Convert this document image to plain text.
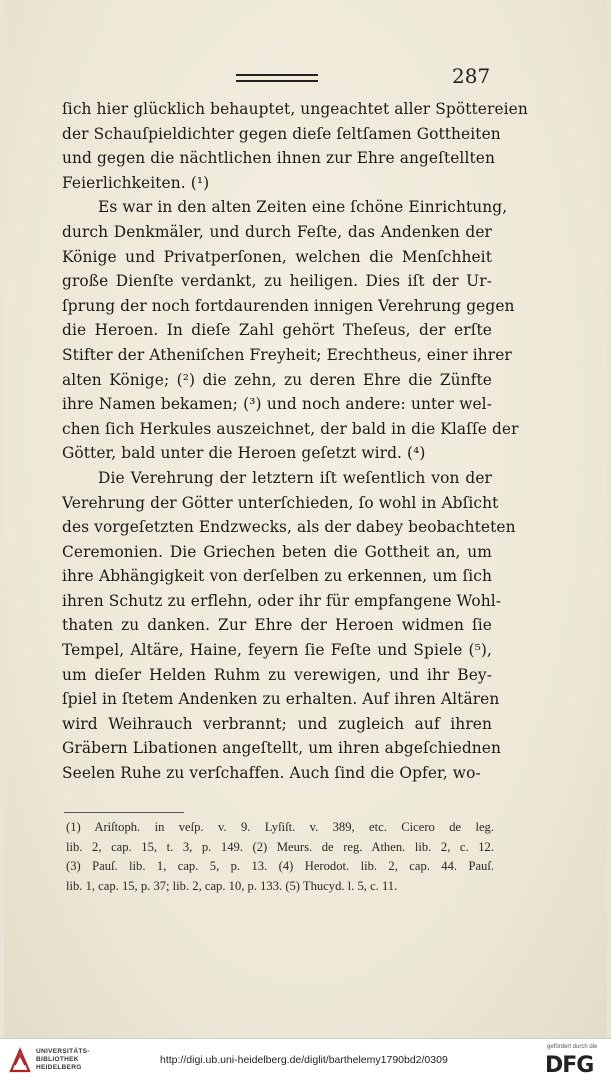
287
ſich hier glücklich behauptet, ungeachtet aller Spöttereien
der Schauſpieldichter gegen dieſe ſeltſamen Gottheiten
und gegen die nächtlichen ihnen zur Ehre angeſtellten
Feierlichkeiten. (¹)
Es war in den alten Zeiten eine ſchöne Einrichtung,
durch Denkmäler, und durch Feſte, das Andenken der
Könige und Privatperſonen, welchen die Menſchheit
große Dienſte verdankt, zu heiligen. Dies iſt der Ur-
ſprung der noch fortdaurenden innigen Verehrung gegen
die Heroen. In dieſe Zahl gehört Theſeus, der erſte
Stifter der Atheniſchen Freyheit; Erechtheus, einer ihrer
alten Könige; (²) die zehn, zu deren Ehre die Zünfte
ihre Namen bekamen; (³) und noch andere: unter wel-
chen ſich Herkules auszeichnet, der bald in die Klaſſe der
Götter, bald unter die Heroen geſetzt wird. (⁴)
Die Verehrung der letztern iſt weſentlich von der
Verehrung der Götter unterſchieden, ſo wohl in Abſicht
des vorgeſetzten Endzwecks, als der dabey beobachteten
Ceremonien. Die Griechen beten die Gottheit an, um
ihre Abhängigkeit von derſelben zu erkennen, um ſich
ihren Schutz zu erflehn, oder ihr für empfangene Wohl-
thaten zu danken. Zur Ehre der Heroen widmen ſie
Tempel, Altäre, Haine, feyern ſie Feſte und Spiele (⁵),
um dieſer Helden Ruhm zu verewigen, und ihr Bey-
ſpiel in ſtetem Andenken zu erhalten. Auf ihren Altären
wird Weihrauch verbrannt; und zugleich auf ihren
Gräbern Libationen angeſtellt, um ihren abgeſchiednen
Seelen Ruhe zu verſchaffen. Auch ſind die Opfer, wo-
(1) Ariſtoph. in veſp. v. 9. Lyſiſt. v. 389, etc. Cicero de leg.
lib. 2, cap. 15, t. 3, p. 149. (2) Meurs. de reg. Athen. lib. 2, c. 12.
(3) Pauſ. lib. 1, cap. 5, p. 13. (4) Herodot. lib. 2, cap. 44. Pauſ.
lib. 1, cap. 15, p. 37; lib. 2, cap. 10, p. 133. (5) Thucyd. l. 5, c. 11.
UNIVERSITÄTS-
BIBLIOTHEK
HEIDELBERG
http://digi.ub.uni-heidelberg.de/diglit/barthelemy1790bd2/0309
gefördert durch die
DFG
